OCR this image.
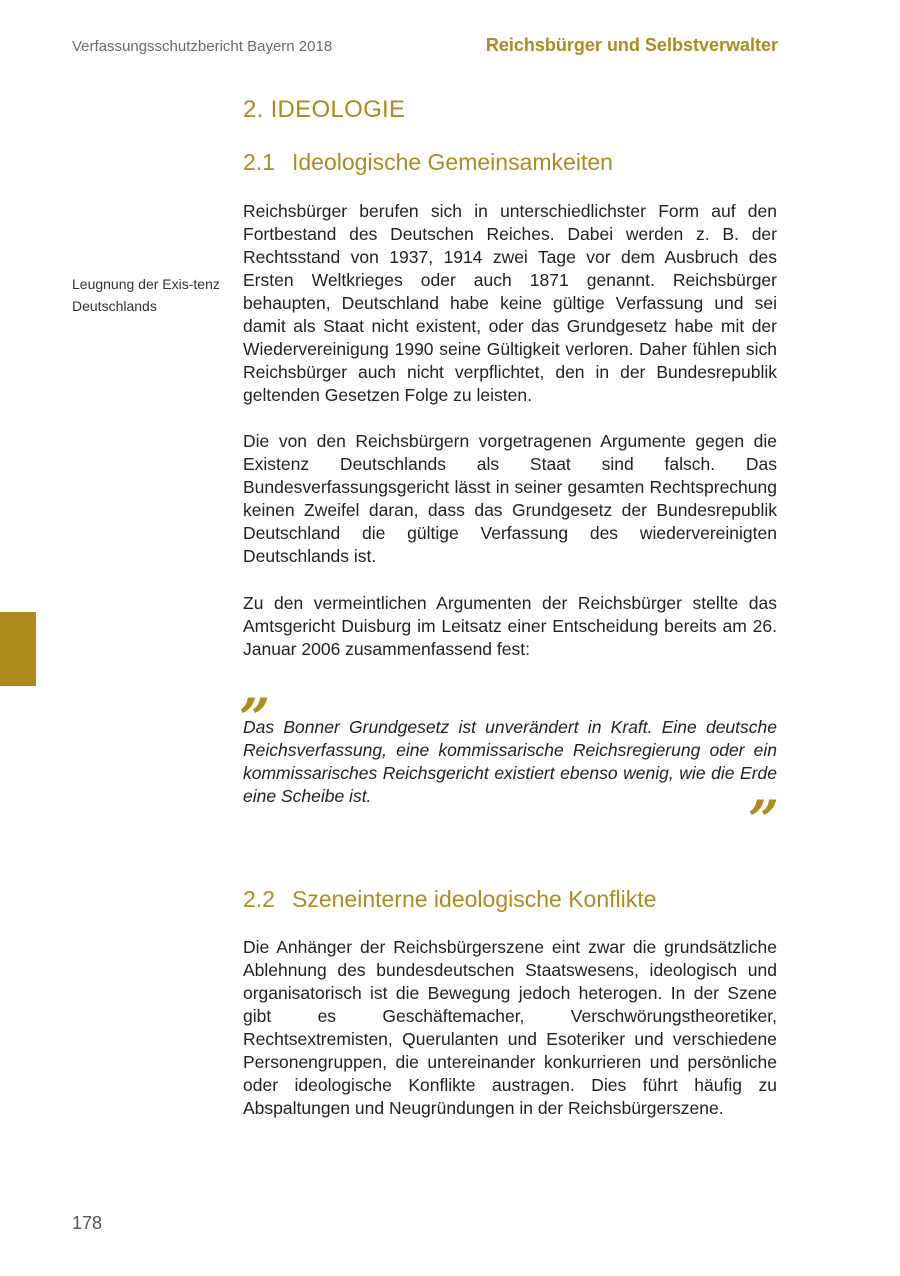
Verfassungsschutzbericht Bayern 2018	Reichsbürger und Selbstverwalter
2. IDEOLOGIE
2.1 Ideologische Gemeinsamkeiten
Leugnung der Exis-tenz Deutschlands

Reichsbürger berufen sich in unterschiedlichster Form auf den Fortbestand des Deutschen Reiches. Dabei werden z. B. der Rechtsstand von 1937, 1914 zwei Tage vor dem Ausbruch des Ersten Weltkrieges oder auch 1871 genannt. Reichsbürger behaupten, Deutschland habe keine gültige Verfassung und sei damit als Staat nicht existent, oder das Grundgesetz habe mit der Wiedervereinigung 1990 seine Gültigkeit verloren. Daher fühlen sich Reichsbürger auch nicht verpflichtet, den in der Bundesrepublik geltenden Gesetzen Folge zu leisten.

Die von den Reichsbürgern vorgetragenen Argumente gegen die Existenz Deutschlands als Staat sind falsch. Das Bundesverfassungsgericht lässt in seiner gesamten Rechtsprechung keinen Zweifel daran, dass das Grundgesetz der Bundesrepublik Deutschland die gültige Verfassung des wiedervereinigten Deutschlands ist.

Zu den vermeintlichen Argumenten der Reichsbürger stellte das Amtsgericht Duisburg im Leitsatz einer Entscheidung bereits am 26. Januar 2006 zusammenfassend fest:

„

Das Bonner Grundgesetz ist unverändert in Kraft. Eine deutsche Reichsverfassung, eine kommissarische Reichsregierung oder ein kommissarisches Reichsgericht existiert ebenso wenig, wie die Erde eine Scheibe ist.	”
2.2 Szeneinterne ideologische Konflikte

Die Anhänger der Reichsbürgerszene eint zwar die grundsätzliche Ablehnung des bundesdeutschen Staatswesens, ideologisch und organisatorisch ist die Bewegung jedoch heterogen. In der Szene gibt es Geschäftemacher, Verschwörungstheoretiker, Rechtsextremisten, Querulanten und Esoteriker und verschiedene Personengruppen, die untereinander konkurrieren und persönliche oder ideologische Konflikte austragen. Dies führt häufig zu Abspaltungen und Neugründungen in der Reichsbürgerszene.

178
